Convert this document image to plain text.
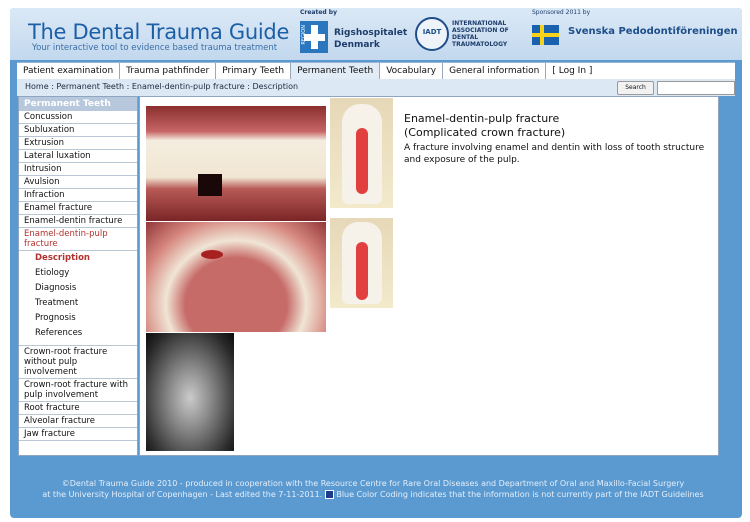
The Dental Trauma Guide
Your interactive tool to evidence based trauma treatment
Created by
REGION	Rigshospitalet
Denmark
IADT
INTERNATIONAL
ASSOCIATION OF
DENTAL
TRAUMATOLOGY
Sponsored 2011 by
Svenska Pedodontiföreningen
Patient examination	Trauma pathfinder	Primary Teeth	Permanent Teeth	Vocabulary	General information	[ Log In ]
Home : Permanent Teeth : Enamel-dentin-pulp fracture : Description	Search
Permanent Teeth
Concussion
Subluxation
Extrusion
Lateral luxation
Intrusion
Avulsion
Infraction
Enamel fracture
Enamel-dentin fracture
Enamel-dentin-pulp fracture
Description
Etiology
Diagnosis
Treatment
Prognosis
References
Crown-root fracture without pulp involvement
Crown-root fracture with pulp involvement
Root fracture
Alveolar fracture
Jaw fracture
Enamel-dentin-pulp fracture
(Complicated crown fracture)
A fracture involving enamel and dentin with loss of tooth structure and exposure of the pulp.
©Dental Trauma Guide 2010 - produced in cooperation with the Resource Centre for Rare Oral Diseases and Department of Oral and Maxillo-Facial Surgery
at the University Hospital of Copenhagen - Last edited the 7-11-2011. Blue Color Coding indicates that the information is not currently part of the IADT Guidelines
